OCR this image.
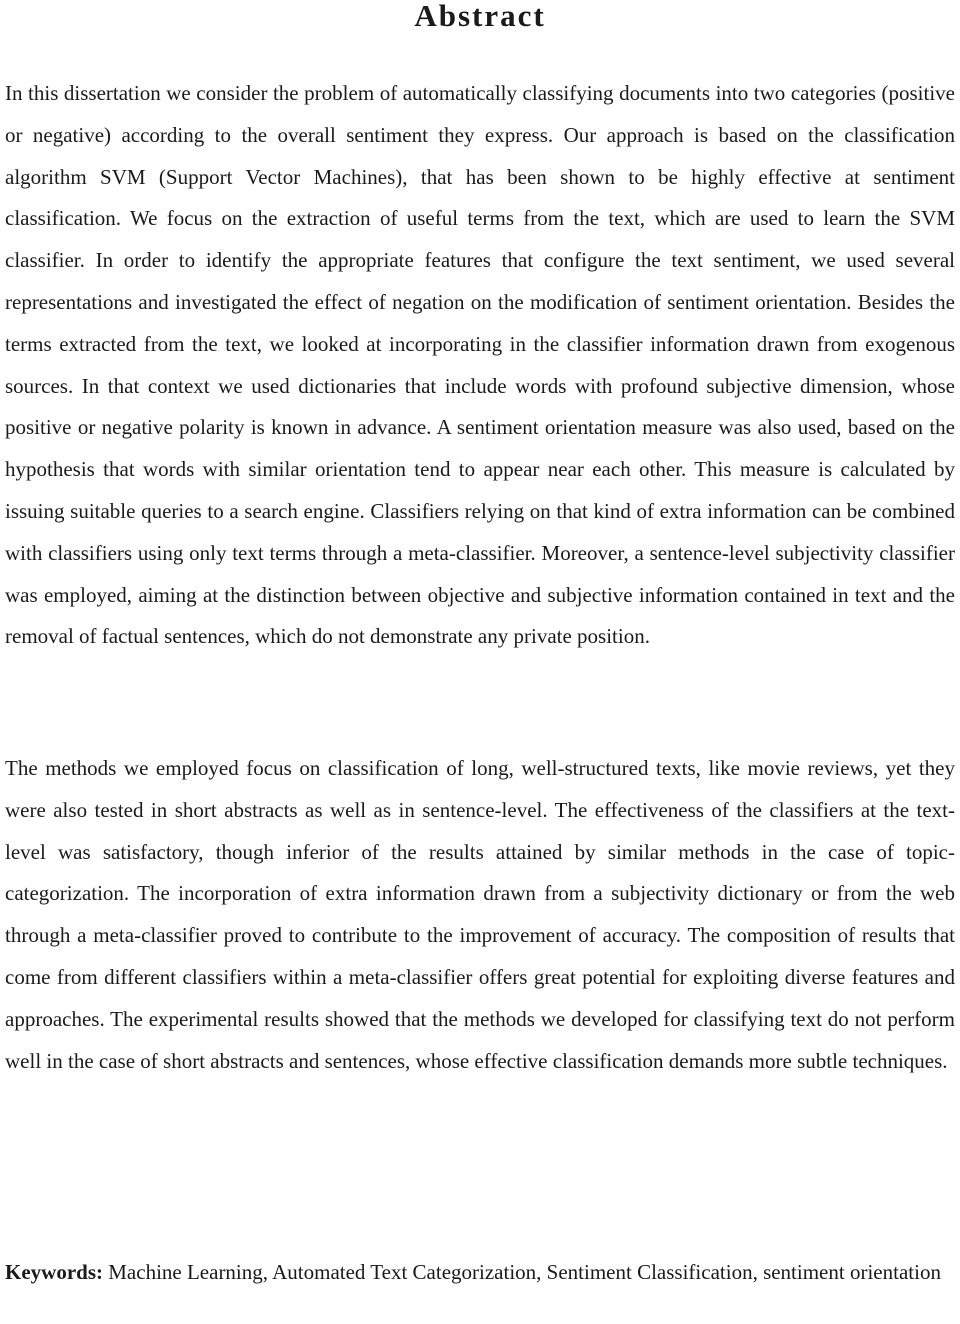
Abstract

In this dissertation we consider the problem of automatically classifying documents into two categories (positive or negative) according to the overall sentiment they express. Our approach is based on the classification algorithm SVM (Support Vector Machines), that has been shown to be highly effective at sentiment classification. We focus on the extraction of useful terms from the text, which are used to learn the SVM classifier. In order to identify the appropriate features that configure the text sentiment, we used several representations and investigated the effect of negation on the modification of sentiment orientation. Besides the terms extracted from the text, we looked at incorporating in the classifier information drawn from exogenous sources. In that context we used dictionaries that include words with profound subjective dimension, whose positive or negative polarity is known in advance. A sentiment orientation measure was also used, based on the hypothesis that words with similar orientation tend to appear near each other. This measure is calculated by issuing suitable queries to a search engine. Classifiers relying on that kind of extra information can be combined with classifiers using only text terms through a meta-classifier. Moreover, a sentence-level subjectivity classifier was employed, aiming at the distinction between objective and subjective information contained in text and the removal of factual sentences, which do not demonstrate any private position.

The methods we employed focus on classification of long, well-structured texts, like movie reviews, yet they were also tested in short abstracts as well as in sentence-level. The effectiveness of the classifiers at the text-level was satisfactory, though inferior of the results attained by similar methods in the case of topic-categorization. The incorporation of extra information drawn from a subjectivity dictionary or from the web through a meta-classifier proved to contribute to the improvement of accuracy. The composition of results that come from different classifiers within a meta-classifier offers great potential for exploiting diverse features and approaches. The experimental results showed that the methods we developed for classifying text do not perform well in the case of short abstracts and sentences, whose effective classification demands more subtle techniques.

Keywords: Machine Learning, Automated Text Categorization, Sentiment Classification, sentiment orientation
